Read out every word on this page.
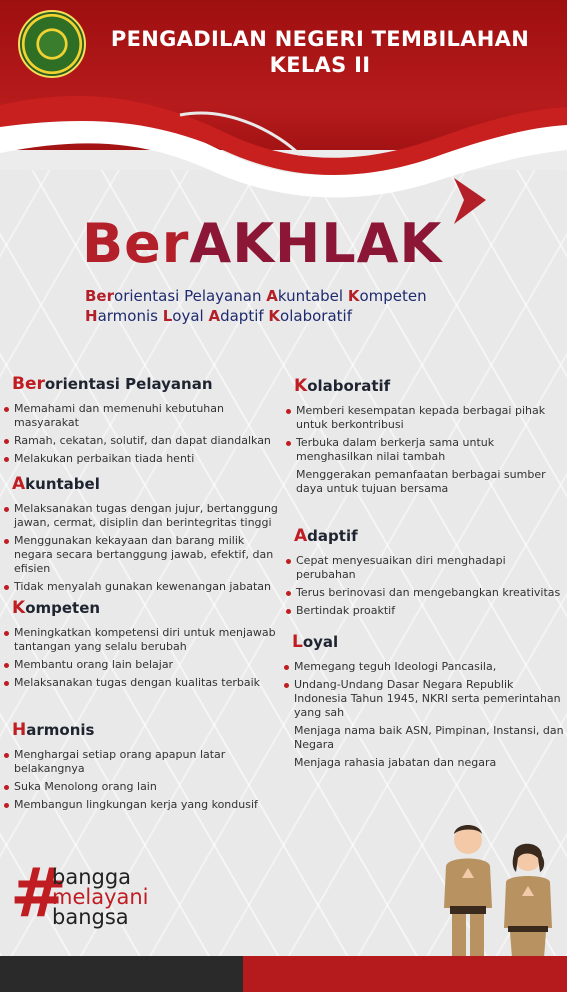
PENGADILAN NEGERI TEMBILAHAN
KELAS II
BerAKHLAK
Berorientasi Pelayanan Akuntabel Kompeten
Harmonis Loyal Adaptif Kolaboratif
Berorientasi Pelayanan
Memahami dan memenuhi kebutuhan masyarakat
Ramah, cekatan, solutif, dan dapat diandalkan
Melakukan perbaikan tiada henti
Akuntabel
Melaksanakan tugas dengan jujur, bertanggung jawan, cermat, disiplin dan berintegritas tinggi
Menggunakan kekayaan dan barang milik negara secara bertanggung jawab, efektif, dan efisien
Tidak menyalah gunakan kewenangan jabatan
Kompeten
Meningkatkan kompetensi diri untuk menjawab tantangan yang selalu berubah
Membantu orang lain belajar
Melaksanakan tugas dengan kualitas terbaik
Harmonis
Menghargai setiap orang apapun latar belakangnya
Suka Menolong orang lain
Membangun lingkungan kerja yang kondusif
Kolaboratif
Memberi kesempatan kepada berbagai pihak untuk berkontribusi
Terbuka dalam berkerja sama untuk menghasilkan nilai tambah
Menggerakan pemanfaatan berbagai sumber daya untuk tujuan bersama
Adaptif
Cepat menyesuaikan diri menghadapi perubahan
Terus berinovasi dan mengebangkan kreativitas
Bertindak proaktif
Loyal
Memegang teguh Ideologi Pancasila,
Undang-Undang Dasar Negara Republik Indonesia Tahun 1945, NKRI serta pemerintahan yang sah
Menjaga nama baik ASN, Pimpinan, Instansi, dan Negara
Menjaga rahasia jabatan dan negara
#
bangga
melayani
bangsa
